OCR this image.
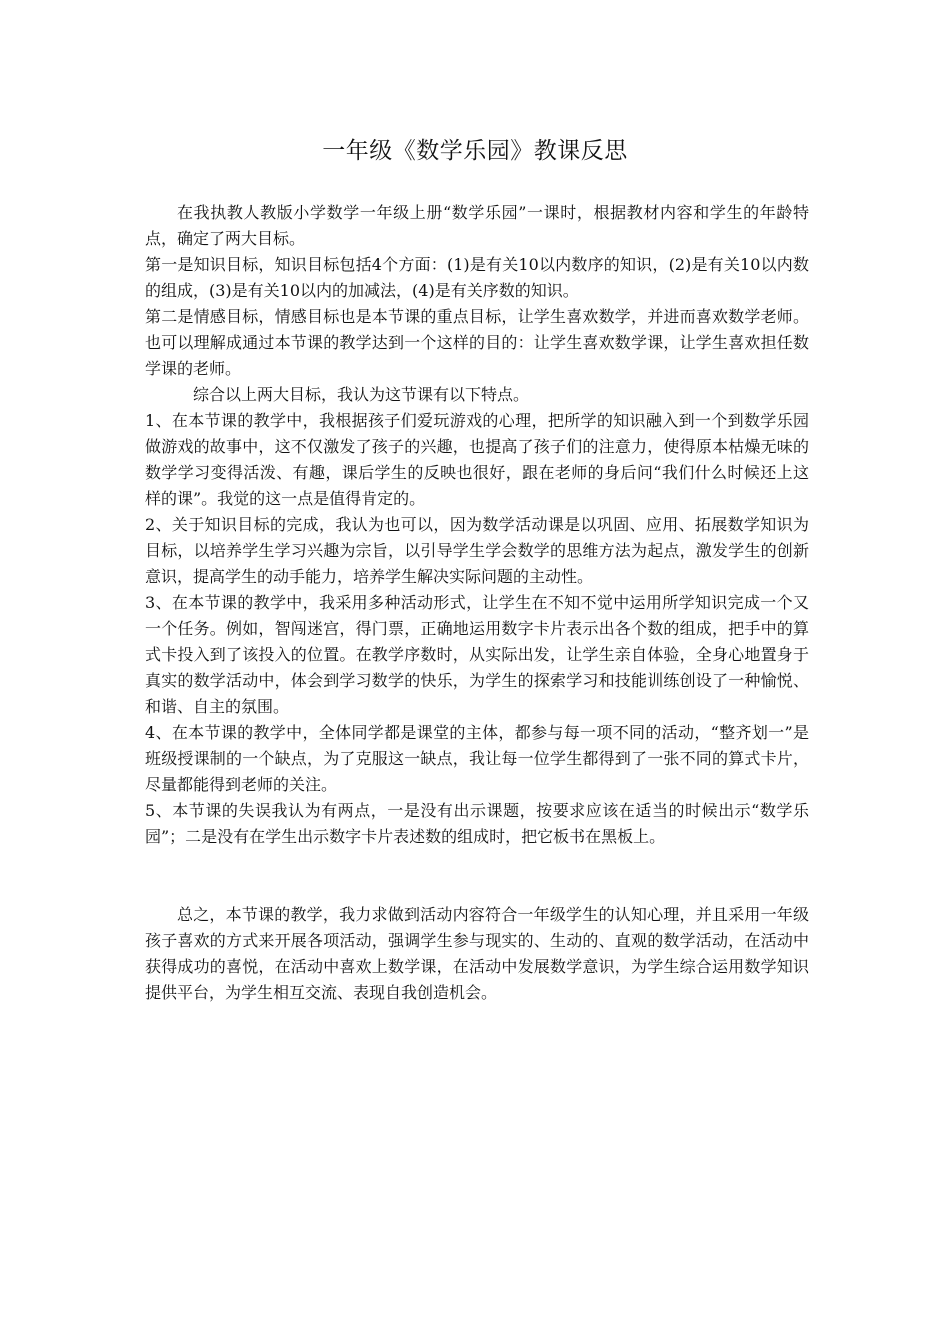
一年级《数学乐园》教课反思

在我执教人教版小学数学一年级上册“数学乐园”一课时，根据教材内容和学生的年龄特点，确定了两大目标。

第一是知识目标，知识目标包括4个方面：(1)是有关10以内数序的知识，(2)是有关10以内数的组成，(3)是有关10以内的加减法，(4)是有关序数的知识。

第二是情感目标，情感目标也是本节课的重点目标，让学生喜欢数学，并进而喜欢数学老师。也可以理解成通过本节课的教学达到一个这样的目的：让学生喜欢数学课，让学生喜欢担任数学课的老师。

综合以上两大目标，我认为这节课有以下特点。

1、在本节课的教学中，我根据孩子们爱玩游戏的心理，把所学的知识融入到一个到数学乐园做游戏的故事中，这不仅激发了孩子的兴趣，也提高了孩子们的注意力，使得原本枯燥无味的数学学习变得活泼、有趣，课后学生的反映也很好，跟在老师的身后问“我们什么时候还上这样的课”。我觉的这一点是值得肯定的。

2、关于知识目标的完成，我认为也可以，因为数学活动课是以巩固、应用、拓展数学知识为目标，以培养学生学习兴趣为宗旨，以引导学生学会数学的思维方法为起点，激发学生的创新意识，提高学生的动手能力，培养学生解决实际问题的主动性。

3、在本节课的教学中，我采用多种活动形式，让学生在不知不觉中运用所学知识完成一个又一个任务。例如，智闯迷宫，得门票，正确地运用数字卡片表示出各个数的组成，把手中的算式卡投入到了该投入的位置。在教学序数时，从实际出发，让学生亲自体验，全身心地置身于真实的数学活动中，体会到学习数学的快乐，为学生的探索学习和技能训练创设了一种愉悦、和谐、自主的氛围。

4、在本节课的教学中，全体同学都是课堂的主体，都参与每一项不同的活动，“整齐划一”是班级授课制的一个缺点，为了克服这一缺点，我让每一位学生都得到了一张不同的算式卡片，尽量都能得到老师的关注。

5、本节课的失误我认为有两点，一是没有出示课题，按要求应该在适当的时候出示“数学乐园”；二是没有在学生出示数字卡片表述数的组成时，把它板书在黑板上。

总之，本节课的教学，我力求做到活动内容符合一年级学生的认知心理，并且采用一年级孩子喜欢的方式来开展各项活动，强调学生参与现实的、生动的、直观的数学活动，在活动中获得成功的喜悦，在活动中喜欢上数学课，在活动中发展数学意识，为学生综合运用数学知识提供平台，为学生相互交流、表现自我创造机会。
